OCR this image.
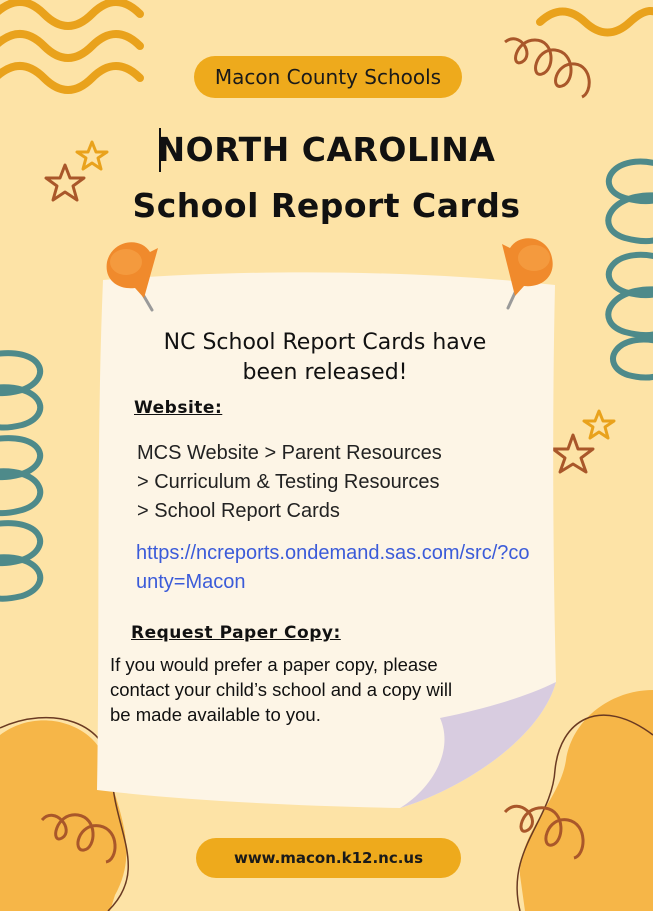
Macon County Schools
NORTH CAROLINA
School Report Cards
NC School Report Cards have been released!
Website:
MCS Website > Parent Resources
> Curriculum & Testing Resources
> School Report Cards
https://ncreports.ondemand.sas.com/src/?county=Macon
Request Paper Copy:
If you would prefer a paper copy, please contact your child’s school and a copy will be made available to you.
www.macon.k12.nc.us
